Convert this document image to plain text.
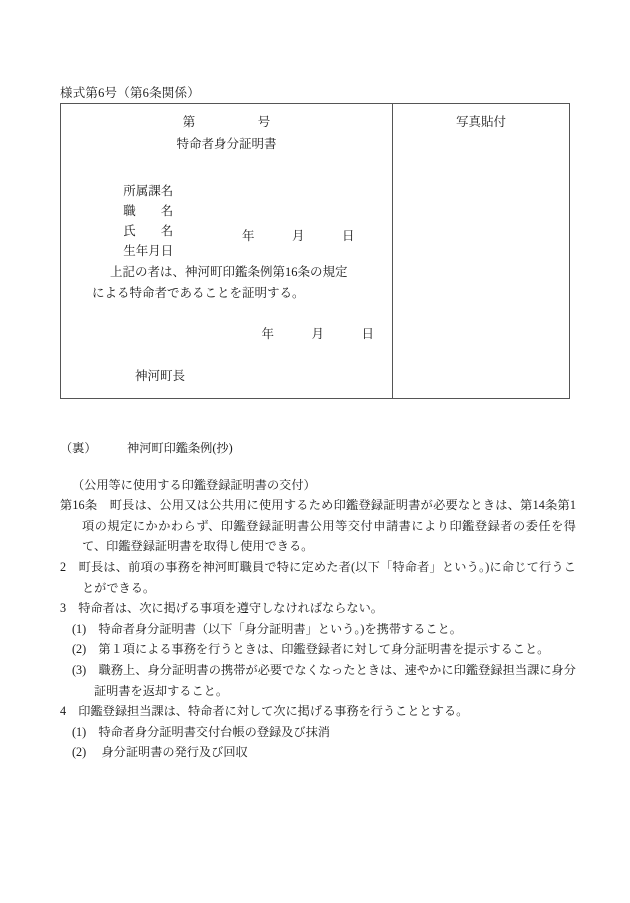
様式第6号（第6条関係）
第　　　　　号
特命者身分証明書

所属課名

職　　名

氏　　名

生年月日

年　　　月　　　日

上記の者は、神河町印鑑条例第16条の規定
による特命者であることを証明する。
年　　　月　　　日
神河町長
写真貼付
（裏）　　　神河町印鑑条例(抄)
（公用等に使用する印鑑登録証明書の交付）
第16条　町長は、公用又は公共用に使用するため印鑑登録証明書が必要なときは、第14条第1項の規定にかかわらず、印鑑登録証明書公用等交付申請書により印鑑登録者の委任を得て、印鑑登録証明書を取得し使用できる。
2　町長は、前項の事務を神河町職員で特に定めた者(以下「特命者」という。)に命じて行うことができる。
3　特命者は、次に掲げる事項を遵守しなければならない。
(1)　特命者身分証明書（以下「身分証明書」という。)を携帯すること。
(2)　第１項による事務を行うときは、印鑑登録者に対して身分証明書を提示すること。
(3)　職務上、身分証明書の携帯が必要でなくなったときは、速やかに印鑑登録担当課に身分証明書を返却すること。
4　印鑑登録担当課は、特命者に対して次に掲げる事務を行うこととする。
(1)　特命者身分証明書交付台帳の登録及び抹消
(2)　 身分証明書の発行及び回収
